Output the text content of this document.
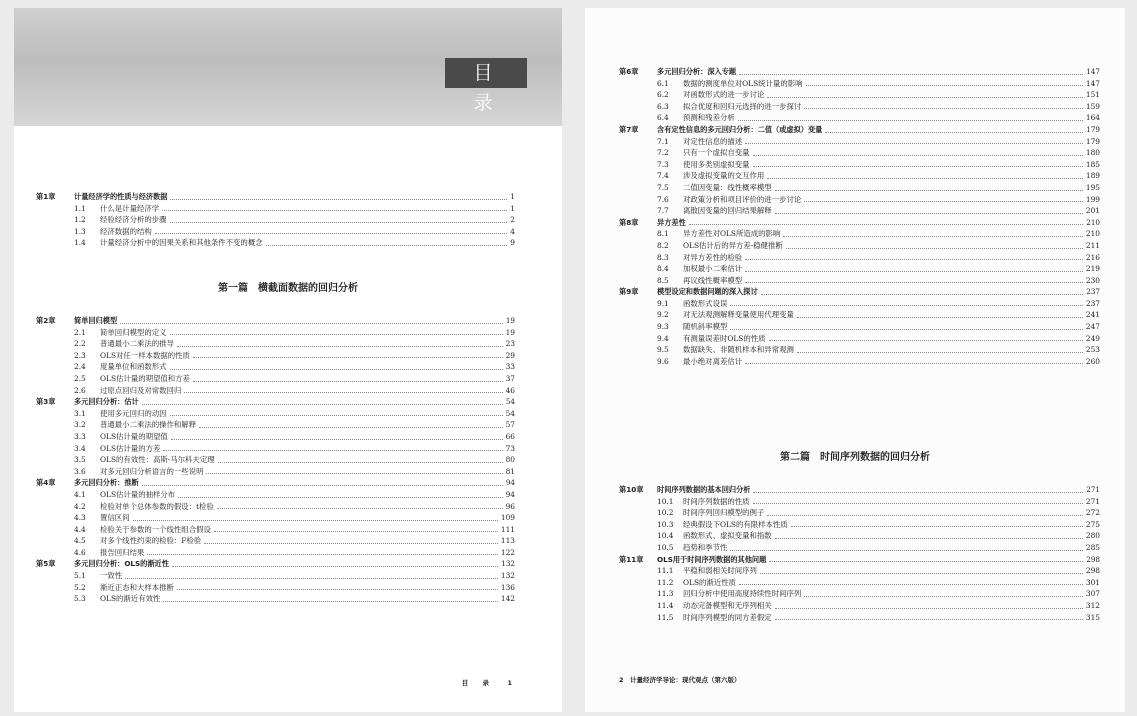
目 录
第1章	计量经济学的性质与经济数据	1
1.1	什么是计量经济学	1
1.2	经验经济分析的步骤	2
1.3	经济数据的结构	4
1.4	计量经济分析中的因果关系和其他条件不变的概念	9
第一篇　横截面数据的回归分析
第2章	简单回归模型	19
2.1	简单回归模型的定义	19
2.2	普通最小二乘法的推导	23
2.3	OLS对任一样本数据的性质	29
2.4	度量单位和函数形式	33
2.5	OLS估计量的期望值和方差	37
2.6	过原点回归及对常数回归	46
第3章	多元回归分析：估计	54
3.1	使用多元回归的动因	54
3.2	普通最小二乘法的操作和解释	57
3.3	OLS估计量的期望值	66
3.4	OLS估计量的方差	73
3.5	OLS的有效性：高斯-马尔科夫定理	80
3.6	对多元回归分析语言的一些说明	81
第4章	多元回归分析：推断	94
4.1	OLS估计量的抽样分布	94
4.2	检验对单个总体参数的假设：t检验	96
4.3	置信区间	109
4.4	检验关于参数的一个线性组合假设	111
4.5	对多个线性约束的检验：F检验	113
4.6	报告回归结果	122
第5章	多元回归分析：OLS的渐近性	132
5.1	一致性	132
5.2	渐近正态和大样本推断	136
5.3	OLS的渐近有效性	142
目 录　1
第6章	多元回归分析：深入专题	147
6.1	数据的测度单位对OLS统计量的影响	147
6.2	对函数形式的进一步讨论	151
6.3	拟合优度和回归元选择的进一步探讨	159
6.4	预测和残差分析	164
第7章	含有定性信息的多元回归分析：二值（或虚拟）变量	179
7.1	对定性信息的描述	179
7.2	只有一个虚拟自变量	180
7.3	使用多类别虚拟变量	185
7.4	涉及虚拟变量的交互作用	189
7.5	二值因变量：线性概率模型	195
7.6	对政策分析和项目评价的进一步讨论	199
7.7	离散因变量的回归结果解释	201
第8章	异方差性	210
8.1	异方差性对OLS所造成的影响	210
8.2	OLS估计后的异方差-稳健推断	211
8.3	对异方差性的检验	216
8.4	加权最小二乘估计	219
8.5	再议线性概率模型	230
第9章	模型设定和数据问题的深入探讨	237
9.1	函数形式设误	237
9.2	对无法观测解释变量使用代理变量	241
9.3	随机斜率模型	247
9.4	有测量误差时OLS的性质	249
9.5	数据缺失、非随机样本和异常观测	253
9.6	最小绝对离差估计	260
第二篇　时间序列数据的回归分析
第10章	时间序列数据的基本回归分析	271
10.1	时间序列数据的性质	271
10.2	时间序列回归模型的例子	272
10.3	经典假设下OLS的有限样本性质	275
10.4	函数形式、虚拟变量和指数	280
10.5	趋势和季节性	285
第11章	OLS用于时间序列数据的其他问题	298
11.1	平稳和弱相关时间序列	298
11.2	OLS的渐近性质	301
11.3	回归分析中使用高度持续性时间序列	307
11.4	动态完备模型和无序列相关	312
11.5	时间序列模型的同方差假定	315
2　计量经济学导论：现代观点（第六版）
